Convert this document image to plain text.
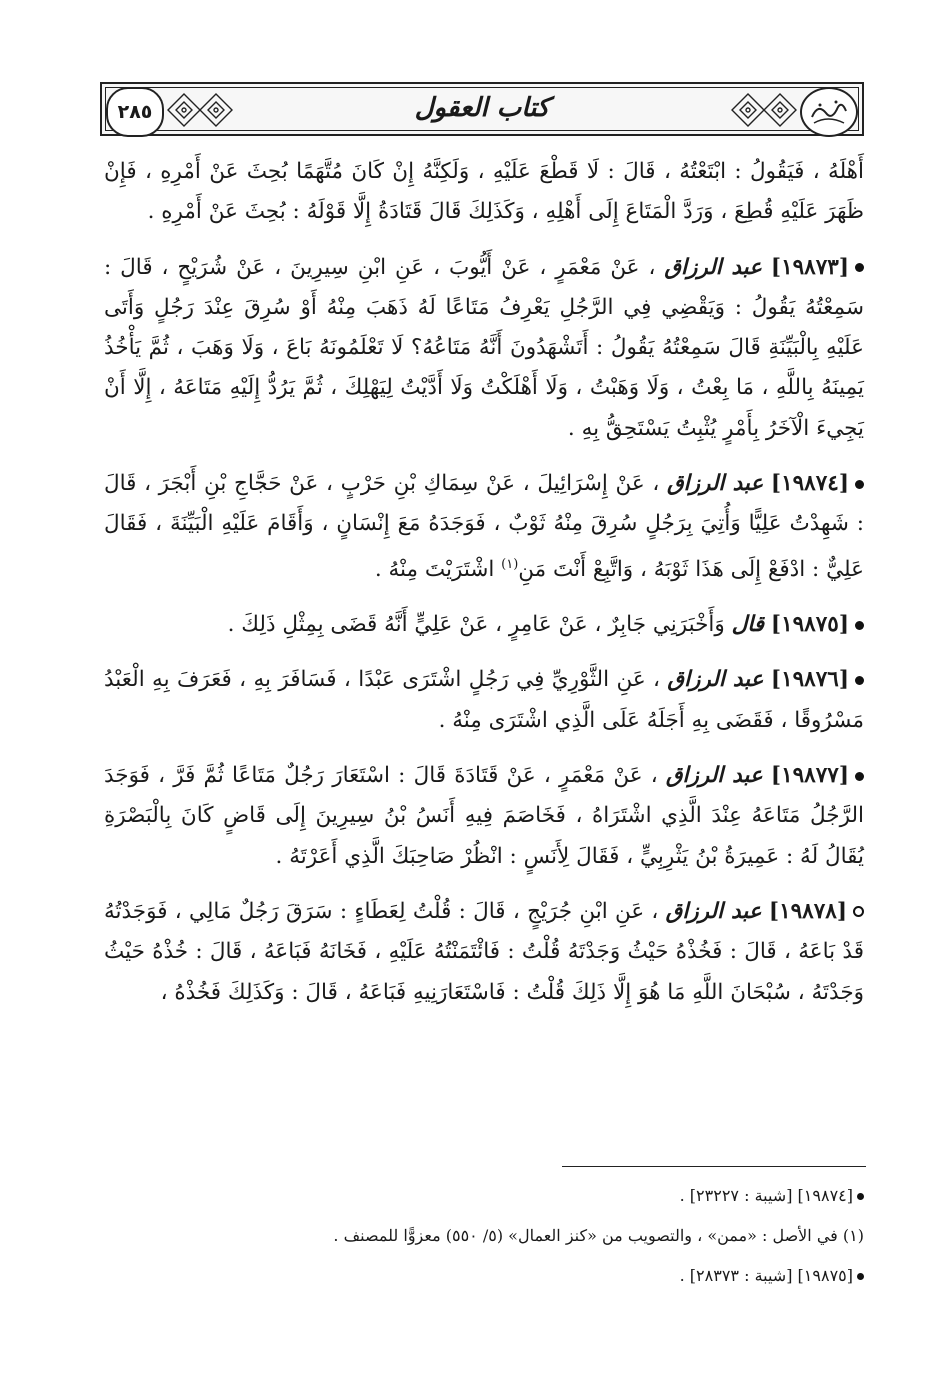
٢٨٥	كتاب العقول

أَهْلَهُ ، فَيَقُولُ : ابْتَعْتُهُ ، قَالَ : لَا قَطْعَ عَلَيْهِ ، وَلَكِنَّهُ إِنْ كَانَ مُتَّهَمًا بُحِثَ عَنْ أَمْرِهِ ، فَإِنْ ظَهَرَ عَلَيْهِ قُطِعَ ، وَرَدَّ الْمَتَاعَ إِلَى أَهْلِهِ ، وَكَذَلِكَ قَالَ قَتَادَةُ إِلَّا قَوْلَهُ : بُحِثَ عَنْ أَمْرِهِ .

[١٩٨٧٣] عبد الرزاق ، عَنْ مَعْمَرٍ ، عَنْ أَيُّوبَ ، عَنِ ابْنِ سِيرِينَ ، عَنْ شُرَيْحٍ ، قَالَ : سَمِعْتُهُ يَقُولُ : وَيَقْضِي فِي الرَّجُلِ يَعْرِفُ مَتَاعًا لَهُ ذَهَبَ مِنْهُ أَوْ سُرِقَ عِنْدَ رَجُلٍ وَأَتَى عَلَيْهِ بِالْبَيِّنَةِ قَالَ سَمِعْتُهُ يَقُولُ : أَتَشْهَدُونَ أَنَّهُ مَتَاعُهُ؟ لَا تَعْلَمُونَهُ بَاعَ ، وَلَا وَهَبَ ، ثُمَّ يَأْخُذُ يَمِينَهُ بِاللَّهِ ، مَا بِعْتُ ، وَلَا وَهَبْتُ ، وَلَا أَهْلَكْتُ وَلَا أَدَّيْتُ لِيَهْلِكَ ، ثُمَّ يَرُدُّ إِلَيْهِ مَتَاعَهُ ، إِلَّا أَنْ يَجِيءَ الْآخَرُ بِأَمْرٍ يُثْبِتُ يَسْتَحِقُّ بِهِ .

[١٩٨٧٤] عبد الرزاق ، عَنْ إِسْرَائِيلَ ، عَنْ سِمَاكِ بْنِ حَرْبٍ ، عَنْ حَجَّاجِ بْنِ أَبْجَرَ ، قَالَ : شَهِدْتُ عَلِيًّا وَأُتِيَ بِرَجُلٍ سُرِقَ مِنْهُ ثَوْبٌ ، فَوَجَدَهُ مَعَ إِنْسَانٍ ، وَأَقَامَ عَلَيْهِ الْبَيِّنَةَ ، فَقَالَ عَلِيٌّ : ادْفَعْ إِلَى هَذَا ثَوْبَهُ ، وَاتَّبِعْ أَنْتَ مَنِ$^{(١)}$ اشْتَرَيْتَ مِنْهُ .

[١٩٨٧٥] قال وَأَخْبَرَنِي جَابِرٌ ، عَنْ عَامِرٍ ، عَنْ عَلِيٍّ أَنَّهُ قَضَى بِمِثْلِ ذَلِكَ .

[١٩٨٧٦] عبد الرزاق ، عَنِ الثَّوْرِيِّ فِي رَجُلٍ اشْتَرَى عَبْدًا ، فَسَافَرَ بِهِ ، فَعَرَفَ بِهِ الْعَبْدُ مَسْرُوقًا ، فَقَضَى بِهِ أَجَلَهُ عَلَى الَّذِي اشْتَرَى مِنْهُ .

[١٩٨٧٧] عبد الرزاق ، عَنْ مَعْمَرٍ ، عَنْ قَتَادَةَ قَالَ : اسْتَعَارَ رَجُلٌ مَتَاعًا ثُمَّ فَرَّ ، فَوَجَدَ الرَّجُلُ مَتَاعَهُ عِنْدَ الَّذِي اشْتَرَاهُ ، فَخَاصَمَ فِيهِ أَنَسُ بْنُ سِيرِينَ إِلَى قَاضٍ كَانَ بِالْبَصْرَةِ يُقَالُ لَهُ : عَمِيرَةُ بْنُ يَثْرِبِيٍّ ، فَقَالَ لِأَنَسٍ : انْظُرْ صَاحِبَكَ الَّذِي أَعَرْتَهُ .

[١٩٨٧٨] عبد الرزاق ، عَنِ ابْنِ جُرَيْجٍ ، قَالَ : قُلْتُ لِعَطَاءٍ : سَرَقَ رَجُلٌ مَالِي ، فَوَجَدْتُهُ قَدْ بَاعَهُ ، قَالَ : فَخُذْهُ حَيْثُ وَجَدْتَهُ قُلْتُ : فَائْتَمَنْتُهُ عَلَيْهِ ، فَخَانَهُ فَبَاعَهُ ، قَالَ : خُذْهُ حَيْثُ وَجَدْتَهُ ، سُبْحَانَ اللَّهِ مَا هُوَ إِلَّا ذَلِكَ قُلْتُ : فَاسْتَعَارَنِيهِ فَبَاعَهُ ، قَالَ : وَكَذَلِكَ فَخُذْهُ ،

[١٩٨٧٤] [شيبة : ٢٣٢٢٧] .

(١) في الأصل : «ممن» ، والتصويب من «كنز العمال» (٥/ ٥٥٠) معزوًّا للمصنف .

[١٩٨٧٥] [شيبة : ٢٨٣٧٣] .
